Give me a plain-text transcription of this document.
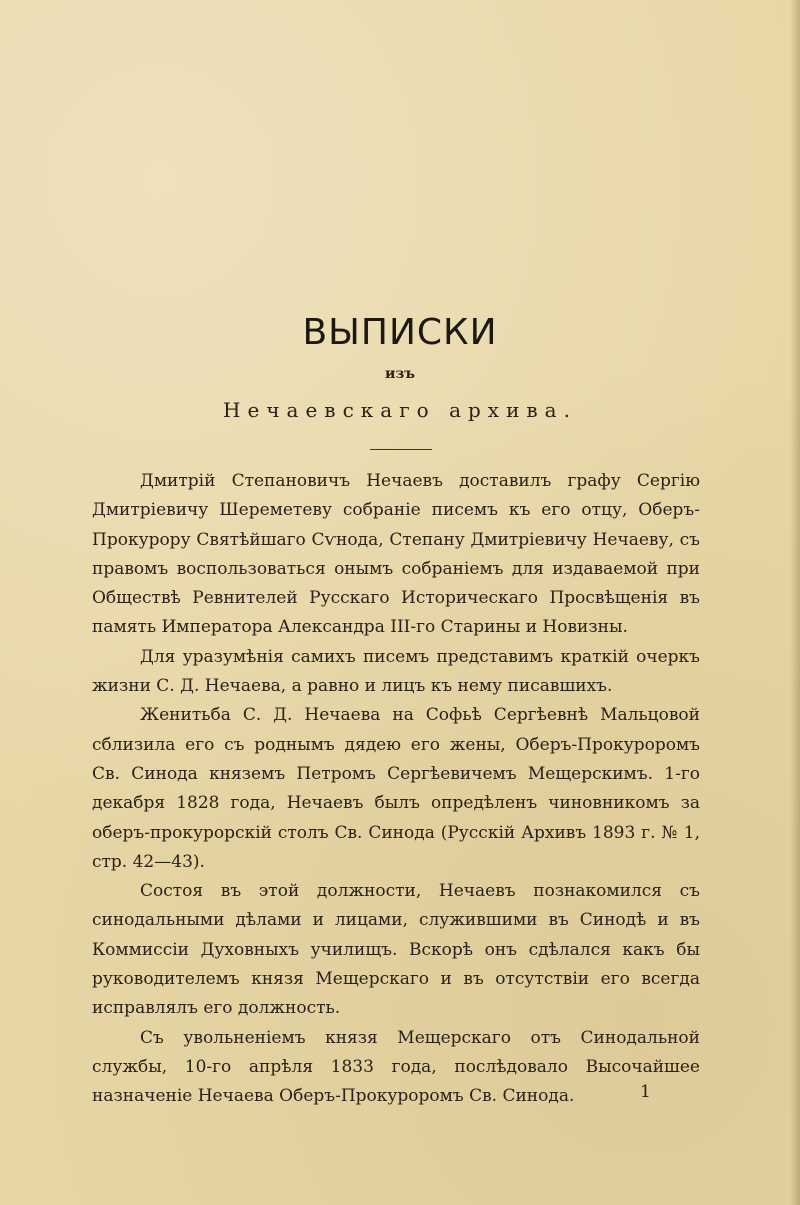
ВЫПИСКИ
изъ
Нечаевскаго архива.

Дмитрій Степановичъ Нечаевъ доставилъ графу Сергію Дмитріевичу Шереметеву собраніе писемъ къ его отцу, Оберъ-Прокурору Святѣйшаго Сѵнода, Степану Дмитріевичу Нечаеву, съ правомъ воспользоваться онымъ собраніемъ для издаваемой при Обществѣ Ревнителей Русскаго Историческаго Просвѣщенія въ память Императора Александра III-го Старины и Новизны.

Для уразумѣнія самихъ писемъ представимъ краткій очеркъ жизни С. Д. Нечаева, а равно и лицъ къ нему писавшихъ.

Женитьба С. Д. Нечаева на Софьѣ Сергѣевнѣ Мальцовой сблизила его съ роднымъ дядею его жены, Оберъ-Прокуроромъ Св. Синода княземъ Петромъ Сергѣевичемъ Мещерскимъ. 1-го декабря 1828 года, Нечаевъ былъ опредѣленъ чиновникомъ за оберъ-прокурорскій столъ Св. Синода (Русскій Архивъ 1893 г. № 1, стр. 42—43).

Состоя въ этой должности, Нечаевъ познакомился съ синодальными дѣлами и лицами, служившими въ Синодѣ и въ Коммиссіи Духовныхъ училищъ. Вскорѣ онъ сдѣлался какъ бы руководителемъ князя Мещерскаго и въ отсутствіи его всегда исправлялъ его должность.

Съ увольненіемъ князя Мещерскаго отъ Синодальной службы, 10-го апрѣля 1833 года, послѣдовало Высочайшее назначеніе Нечаева Оберъ-Прокуроромъ Св. Синода.	1
